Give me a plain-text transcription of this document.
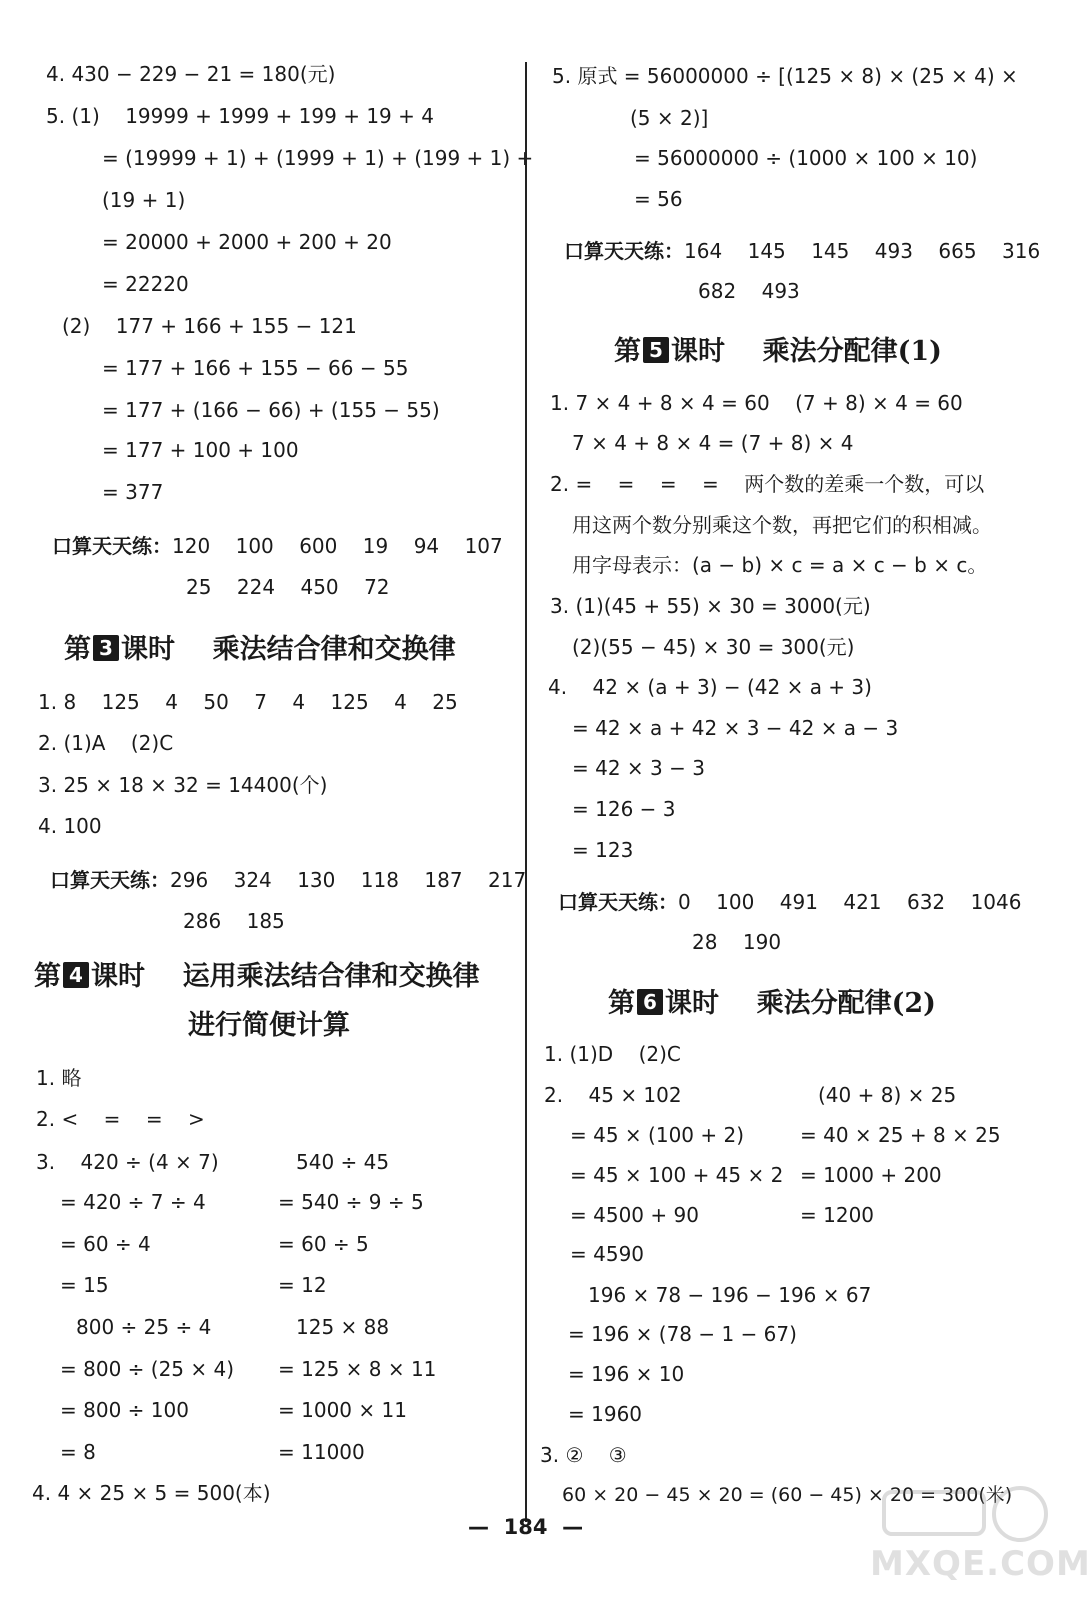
4. 430 − 229 − 21 = 180(元)
5. (1)    19999 + 1999 + 199 + 19 + 4
= (19999 + 1) + (1999 + 1) + (199 + 1) +
(19 + 1)
= 20000 + 2000 + 200 + 20
= 22220
(2)    177 + 166 + 155 − 121
= 177 + 166 + 155 − 66 − 55
= 177 + (166 − 66) + (155 − 55)
= 177 + 100 + 100
= 377
口算天天练：120    100    600    19    94    107
25    224    450    72
第 3 课时    乘法结合律和交换律
1. 8    125    4    50    7    4    125    4    25
2. (1)A    (2)C
3. 25 × 18 × 32 = 14400(个)
4. 100
口算天天练：296    324    130    118    187    217
286    185
第 4 课时    运用乘法结合律和交换律
进行简便计算
1. 略
2. <    =    =    >
3.    420 ÷ (4 × 7)
= 420 ÷ 7 ÷ 4
= 60 ÷ 4
= 15
800 ÷ 25 ÷ 4
= 800 ÷ (25 × 4)
= 800 ÷ 100
= 8
540 ÷ 45
= 540 ÷ 9 ÷ 5
= 60 ÷ 5
= 12
125 × 88
= 125 × 8 × 11
= 1000 × 11
= 11000
4. 4 × 25 × 5 = 500(本)
5. 原式 = 56000000 ÷ [(125 × 8) × (25 × 4) ×
(5 × 2)]
= 56000000 ÷ (1000 × 100 × 10)
= 56
口算天天练：164    145    145    493    665    316
682    493
第 5 课时    乘法分配律(1)
1. 7 × 4 + 8 × 4 = 60    (7 + 8) × 4 = 60
7 × 4 + 8 × 4 = (7 + 8) × 4
2. =    =    =    =    两个数的差乘一个数，可以
用这两个数分别乘这个数，再把它们的积相减。
用字母表示：(a − b) × c = a × c − b × c。
3. (1)(45 + 55) × 30 = 3000(元)
(2)(55 − 45) × 30 = 300(元)
4.    42 × (a + 3) − (42 × a + 3)
= 42 × a + 42 × 3 − 42 × a − 3
= 42 × 3 − 3
= 126 − 3
= 123
口算天天练：0    100    491    421    632    1046
28    190
第 6 课时    乘法分配律(2)
1. (1)D    (2)C
2.    45 × 102
= 45 × (100 + 2)
= 45 × 100 + 45 × 2
= 4500 + 90
= 4590
196 × 78 − 196 − 196 × 67
= 196 × (78 − 1 − 67)
= 196 × 10
= 1960
(40 + 8) × 25
= 40 × 25 + 8 × 25
= 1000 + 200
= 1200
3. ②    ③
60 × 20 − 45 × 20 = (60 − 45) × 20 = 300(米)
—  184  —
MXQE.COM
